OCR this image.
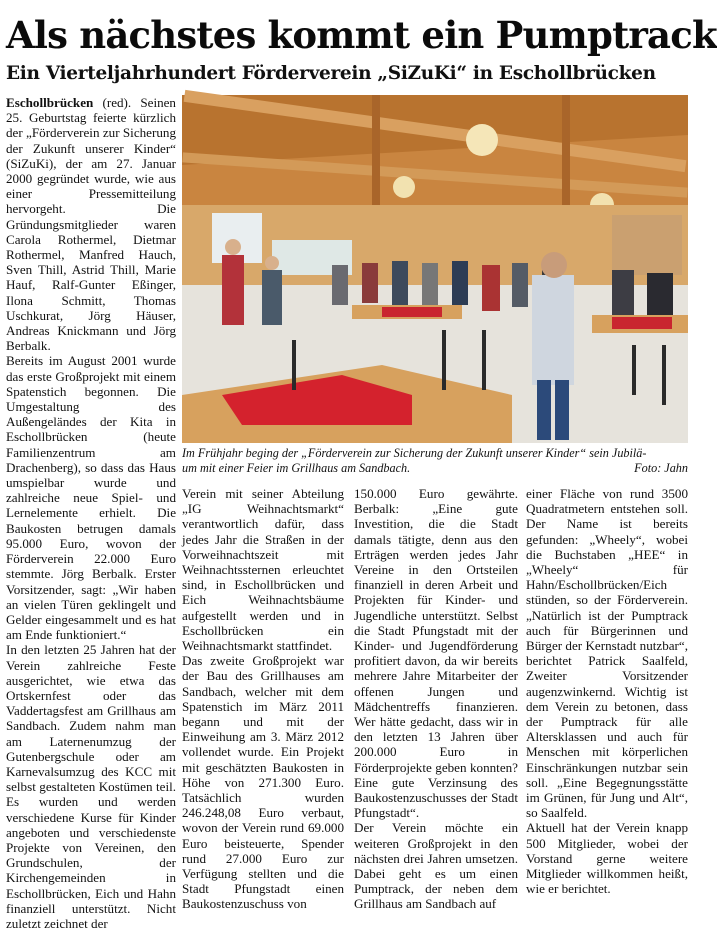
Als nächstes kommt ein Pumptrack
Ein Vierteljahrhundert Förderverein „SiZuKi“ in Eschollbrücken

Eschollbrücken (red). Seinen 25. Geburtstag feierte kürzlich der „Förderverein zur Sicherung der Zukunft unserer Kinder“ (SiZuKi), der am 27. Januar 2000 gegründet wurde, wie aus einer Pressemitteilung hervorgeht. Die Gründungsmitglieder waren Carola Rothermel, Dietmar Rothermel, Manfred Hauch, Sven Thill, Astrid Thill, Marie Hauf, Ralf-Gunter Eßinger, Ilona Schmitt, Thomas Uschkurat, Jörg Häuser, Andreas Knickmann und Jörg Berbalk.

Bereits im August 2001 wurde das erste Großprojekt mit einem Spatenstich begonnen. Die Umgestaltung des Außengeländes der Kita in Eschollbrücken (heute Familienzentrum am Drachenberg), so dass das Haus umspielbar wurde und zahlreiche neue Spiel- und Lernelemente erhielt. Die Baukosten betrugen damals 95.000 Euro, wovon der Förderverein 22.000 Euro stemmte. Jörg Berbalk. Erster Vorsitzender, sagt: „Wir haben an vielen Türen geklingelt und Gelder eingesammelt und es hat am Ende funktioniert.“

In den letzten 25 Jahren hat der Verein zahlreiche Feste ausgerichtet, wie etwa das Ortskernfest oder das Vaddertagsfest am Grillhaus am Sandbach. Zudem nahm man am Laternenumzug der Gutenbergschule oder am Karnevalsumzug des KCC mit selbst gestalteten Kostümen teil. Es wurden und werden verschiedene Kurse für Kinder angeboten und verschiedenste Projekte von Vereinen, den Grundschulen, der Kirchengemeinden in Eschollbrücken, Eich und Hahn finanziell unterstützt. Nicht zuletzt zeichnet der

Im Frühjahr beging der „Förderverein zur Sicherung der Zukunft unserer Kinder“ sein Jubilä-
um mit einer Feier im Grillhaus am Sandbach.	Foto: Jahn

Verein mit seiner Abteilung „IG Weihnachtsmarkt“ verantwortlich dafür, dass jedes Jahr die Straßen in der Vorweihnachtszeit mit Weihnachtssternen erleuchtet sind, in Eschollbrücken und Eich Weihnachtsbäume aufgestellt werden und in Eschollbrücken ein Weihnachtsmarkt stattfindet.

Das zweite Großprojekt war der Bau des Grillhauses am Sandbach, welcher mit dem Spatenstich im März 2011 begann und mit der Einweihung am 3. März 2012 vollendet wurde. Ein Projekt mit geschätzten Baukosten in Höhe von 271.300 Euro. Tatsächlich wurden 246.248,08 Euro verbaut, wovon der Verein rund 69.000 Euro beisteuerte, Spender rund 27.000 Euro zur Verfügung stellten und die Stadt Pfungstadt einen Baukostenzuschuss von

150.000 Euro gewährte. Berbalk: „Eine gute Investition, die die Stadt damals tätigte, denn aus den Erträgen werden jedes Jahr Vereine in den Ortsteilen finanziell in deren Arbeit und Projekten für Kinder- und Jugendliche unterstützt. Selbst die Stadt Pfungstadt mit der Kinder- und Jugendförderung profitiert davon, da wir bereits mehrere Jahre Mitarbeiter der offenen Jungen und Mädchentreffs finanzieren. Wer hätte gedacht, dass wir in den letzten 13 Jahren über 200.000 Euro in Förderprojekte geben konnten? Eine gute Verzinsung des Baukostenzuschusses der Stadt Pfungstadt“.

Der Verein möchte ein weiteren Großprojekt in den nächsten drei Jahren umsetzen. Dabei geht es um einen Pumptrack, der neben dem Grillhaus am Sandbach auf

einer Fläche von rund 3500 Quadratmetern entstehen soll. Der Name ist bereits gefunden: „Wheely“, wobei die Buchstaben „HEE“ in „Wheely“ für Hahn/Eschollbrücken/Eich stünden, so der Förderverein. „Natürlich ist der Pumptrack auch für Bürgerinnen und Bürger der Kernstadt nutzbar“, berichtet Patrick Saalfeld, Zweiter Vorsitzender augenzwinkernd. Wichtig ist dem Verein zu betonen, dass der Pumptrack für alle Altersklassen und auch für Menschen mit körperlichen Einschränkungen nutzbar sein soll. „Eine Begegnungsstätte im Grünen, für Jung und Alt“, so Saalfeld.

Aktuell hat der Verein knapp 500 Mitglieder, wobei der Vorstand gerne weitere Mitglieder willkommen heißt, wie er berichtet.
